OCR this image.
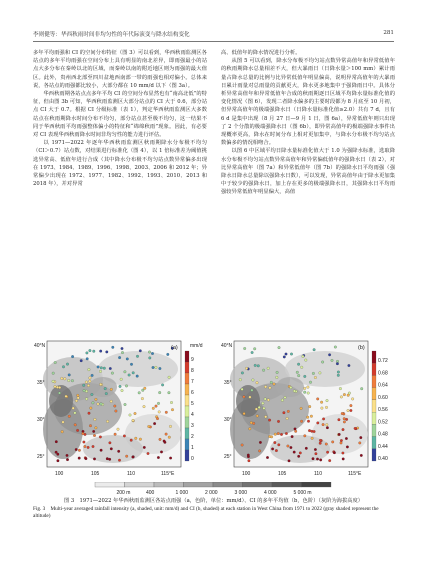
李则健等：华西秋雨时间非均匀性的年代际演变与降水结构变化	281

多年平均雨强和 CI 的空间分布特征（图 3）可以看到，华西秋雨监测区各站点的多年平均雨强在空间分布上具有明显的南北差异，即雨强最小的站点大多分布在秦岭以北的区域，而秦岭以南的附近地区则为雨强的最大值区。此外，贵州西北部至四川盆地西南部一带的雨强也相对偏小。总体来说，各站点的雨强都比较小，大部分都在 10 mm/d 以下（图 3a）。

华西秋雨期各站点点多年平均 CI 的空间分布显然也有“南高北低”的特征，但由图 3b 可知，华西秋雨监测区大部分站点的 CI 大于 0.6，部分站点 CI 大于 0.7。根据 CI 分级标准（表 1），判定华西秋雨监测区大多数站点在秋雨期降水时间分布不均匀，部分站点甚至极不均匀，这一结果不同于华西秋雨平均雨强整体偏小的特征和“绵绵秋雨”现象。因此，有必要对 CI 表现华西秋雨降水时间非均匀性的能力进行评估。

以 1971—2022 年逐年华西秋雨监测区秋雨期降水分布极不均匀（CI＞0.7）站点数，对结果进行标准化（图 4），以 1 倍标准差为阈值挑选异常高、低值年进行合成（其中降水分布极不均匀站点数异常偏多出现在 1973、1984、1989、1996、1998、2003、2006 和 2012 年；异常偏少出现在 1972、1977、1982、1992、1993、2010、2013 和 2018 年），并对异常

高、低值年的降水情况进行分析。

从图 5 可以看到，降水分布极不均匀站点数异常高值年和异常低值年的秋雨期降水总量相差不大，但大暴雨日（日降水量＞100 mm）累计雨量占降水总量的比例与比异常低值年明显偏高，说明异常高值年的大暴雨日累计雨量对总雨量的贡献更大，降水更多地集中于强降雨日中。具体分析异常高值年和异常低值年合成的秋雨期逐日区域平均降水量标准化值的变化情况（图 6），发现二者降水偏多的主要时段都为 8 月底至 10 月初，但异常高值年的极端强降水日（日降水量标准化值≥2.0）共有 7 d，且有 6 d 是集中出现（8 月 27 日—9 月 1 日，图 6a），异常低值年则只出现了 2 个分散的极端强降水日（图 6b），即异常高值年的极端强降水事件出现概率更高，降水在时间分布上相对更加集中，与降水分布极不均匀站点数偏多的情况相吻合。

以图 6 中区域平均日降水量标准化值大于 1.0 为强降水标准，选取降水分布极不均匀站点数异常高值年和异常偏低值年的强降水日（表 2），对比异常高值年（图 7a）和异常低值年（图 7b）的强降水日平均雨强（强降水日降水总量除以强降水日数），可以发现，异常高值年由于降水更加集中于较少的强降水日，加上存在更多的极端强降水日，其强降水日平均雨强较异常低值年明显偏大，高值

(a)
40°N
35°
30°
25°
100	105	110	115°E
9
8
7
6
5
4
3
2
1
0
mm/d	(b)
40°N
35°
30°
25°
100	105	110	115°E
0.72
0.68
0.64
0.60
0.56
0.52
0.48
0.44
0.40
200 m	400	1 000	2 000	3 000	4 000	5 000 m
图 3　1971—2022 年华西秋雨监测区各站点雨强（a，色阶，单位：mm/d）、CI 的多年平均值（b，色阶）（灰阶为海拔高度）
Fig. 3　Multi-year averaged rainfall intensity (a, shaded, unit: mm/d) and CI (b, shaded) at each station in West China from 1971 to 2022 (gray shaded represent the altitude)
